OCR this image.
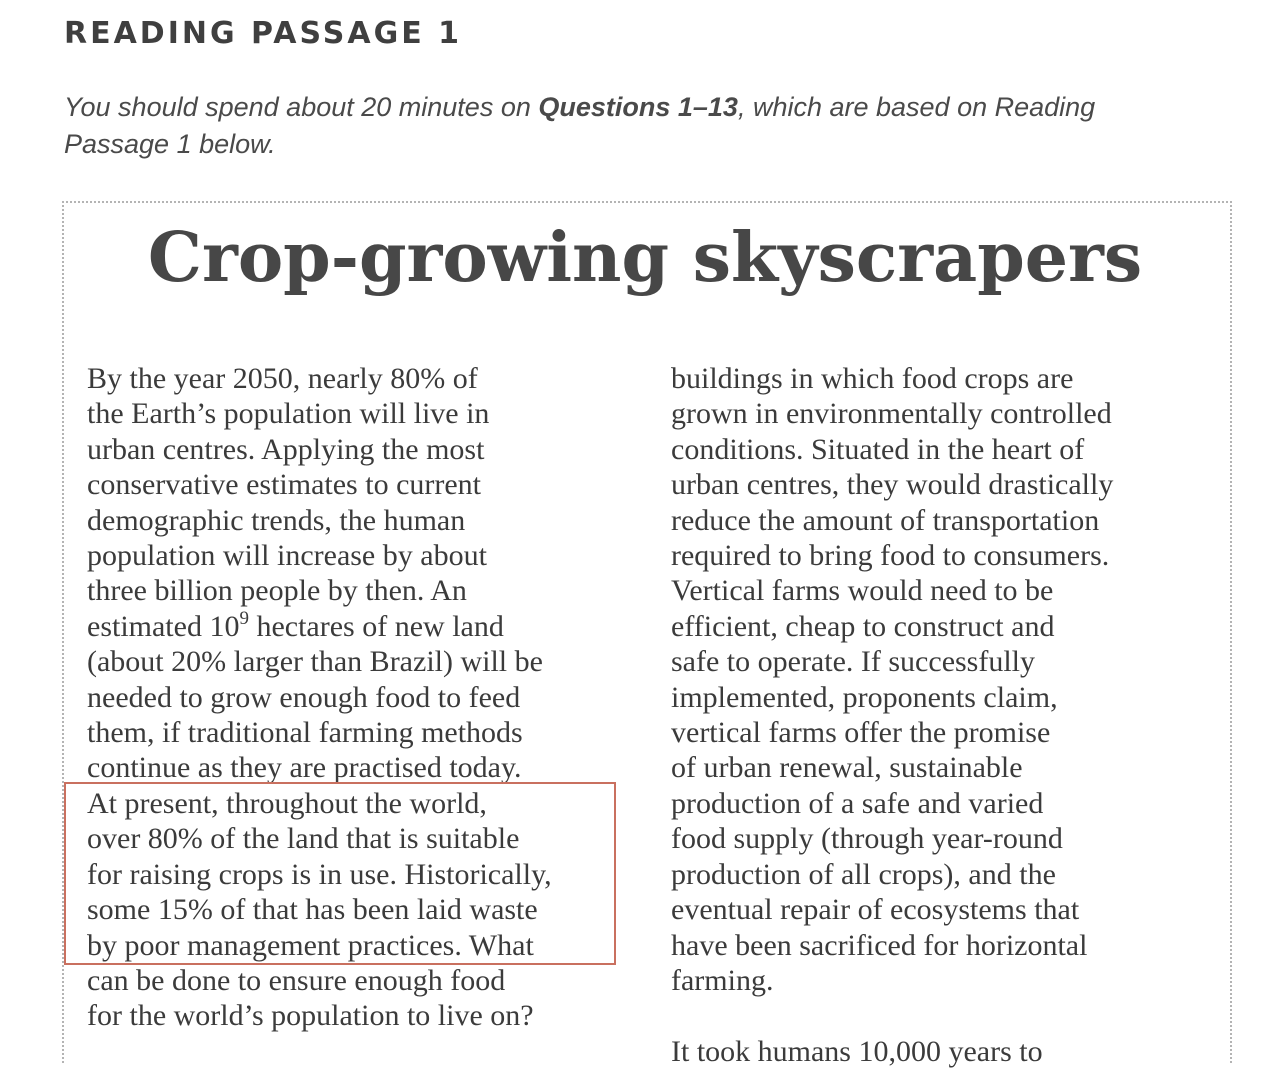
READING PASSAGE 1
You should spend about 20 minutes on Questions 1–13, which are based on Reading
Passage 1 below.
Crop-growing skyscrapers
By the year 2050, nearly 80% of
the Earth’s population will live in
urban centres. Applying the most
conservative estimates to current
demographic trends, the human
population will increase by about
three billion people by then. An
estimated $10^9$ hectares of new land
(about 20% larger than Brazil) will be
needed to grow enough food to feed
them, if traditional farming methods
continue as they are practised today.
At present, throughout the world,
over 80% of the land that is suitable
for raising crops is in use. Historically,
some 15% of that has been laid waste
by poor management practices. What
can be done to ensure enough food
for the world’s population to live on?
buildings in which food crops are
grown in environmentally controlled
conditions. Situated in the heart of
urban centres, they would drastically
reduce the amount of transportation
required to bring food to consumers.
Vertical farms would need to be
efficient, cheap to construct and
safe to operate. If successfully
implemented, proponents claim,
vertical farms offer the promise
of urban renewal, sustainable
production of a safe and varied
food supply (through year-round
production of all crops), and the
eventual repair of ecosystems that
have been sacrificed for horizontal
farming.

It took humans 10,000 years to
